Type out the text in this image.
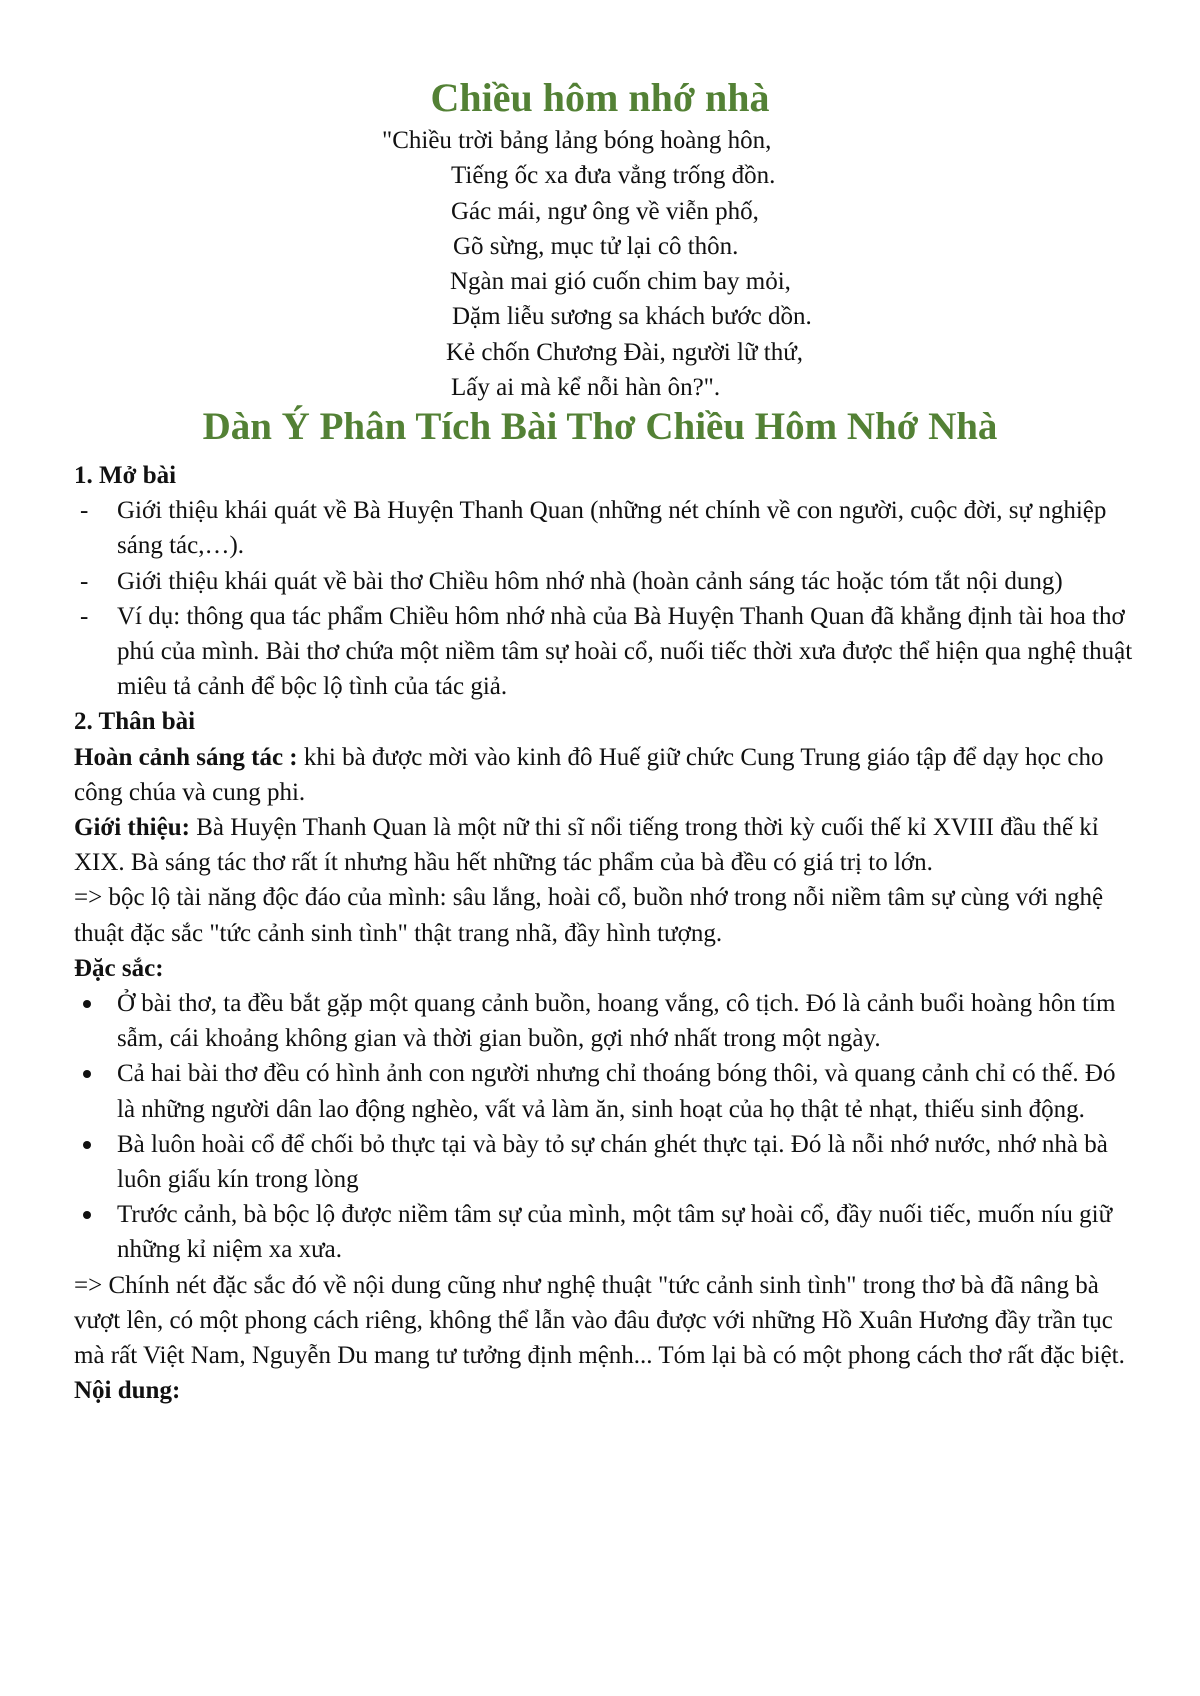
Chiều hôm nhớ nhà
"Chiều trời bảng lảng bóng hoàng hôn,
Tiếng ốc xa đưa vẳng trống đồn.
Gác mái, ngư ông về viễn phố,
Gõ sừng, mục tử lại cô thôn.
Ngàn mai gió cuốn chim bay mỏi,
Dặm liễu sương sa khách bước dồn.
Kẻ chốn Chương Đài, người lữ thứ,
Lấy ai mà kể nỗi hàn ôn?".
Dàn Ý Phân Tích Bài Thơ Chiều Hôm Nhớ Nhà

1. Mở bài

- Giới thiệu khái quát về Bà Huyện Thanh Quan (những nét chính về con người, cuộc đời, sự nghiệp sáng tác,…).
- Giới thiệu khái quát về bài thơ Chiều hôm nhớ nhà (hoàn cảnh sáng tác hoặc tóm tắt nội dung)
- Ví dụ: thông qua tác phẩm Chiều hôm nhớ nhà của Bà Huyện Thanh Quan đã khẳng định tài hoa thơ phú của mình. Bài thơ chứa một niềm tâm sự hoài cổ, nuối tiếc thời xưa được thể hiện qua nghệ thuật miêu tả cảnh để bộc lộ tình của tác giả.

2. Thân bài

Hoàn cảnh sáng tác : khi bà được mời vào kinh đô Huế giữ chức Cung Trung giáo tập để dạy học cho công chúa và cung phi.

Giới thiệu: Bà Huyện Thanh Quan là một nữ thi sĩ nổi tiếng trong thời kỳ cuối thế kỉ XVIII đầu thế kỉ XIX. Bà sáng tác thơ rất ít nhưng hầu hết những tác phẩm của bà đều có giá trị to lớn.

=> bộc lộ tài năng độc đáo của mình: sâu lắng, hoài cổ, buồn nhớ trong nỗi niềm tâm sự cùng với nghệ thuật đặc sắc "tức cảnh sinh tình" thật trang nhã, đầy hình tượng.

Đặc sắc:

Ở bài thơ, ta đều bắt gặp một quang cảnh buồn, hoang vắng, cô tịch. Đó là cảnh buổi hoàng hôn tím sẫm, cái khoảng không gian và thời gian buồn, gợi nhớ nhất trong một ngày.
Cả hai bài thơ đều có hình ảnh con người nhưng chỉ thoáng bóng thôi, và quang cảnh chỉ có thế. Đó là những người dân lao động nghèo, vất vả làm ăn, sinh hoạt của họ thật tẻ nhạt, thiếu sinh động.
Bà luôn hoài cổ để chối bỏ thực tại và bày tỏ sự chán ghét thực tại. Đó là nỗi nhớ nước, nhớ nhà bà luôn giấu kín trong lòng
Trước cảnh, bà bộc lộ được niềm tâm sự của mình, một tâm sự hoài cổ, đầy nuối tiếc, muốn níu giữ những kỉ niệm xa xưa.

=> Chính nét đặc sắc đó về nội dung cũng như nghệ thuật "tức cảnh sinh tình" trong thơ bà đã nâng bà vượt lên, có một phong cách riêng, không thể lẫn vào đâu được với những Hồ Xuân Hương đầy trần tục mà rất Việt Nam, Nguyễn Du mang tư tưởng định mệnh... Tóm lại bà có một phong cách thơ rất đặc biệt.

Nội dung:
